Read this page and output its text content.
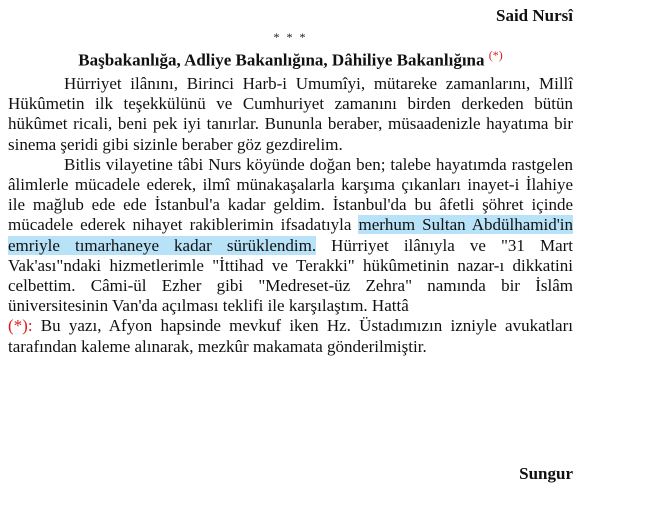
Said Nursî
* * *
Başbakanlığa, Adliye Bakanlığına, Dâhiliye Bakanlığına (*)

Hürriyet ilânını, Birinci Harb-i Umumîyi, mütareke zamanlarını, Millî Hükûmetin ilk teşekkülünü ve Cumhuriyet zamanını birden derkeden bütün hükûmet ricali, beni pek iyi tanırlar. Bununla beraber, müsaadenizle hayatıma bir sinema şeridi gibi sizinle beraber göz gezdirelim.

Bitlis vilayetine tâbi Nurs köyünde doğan ben; talebe hayatımda rastgelen âlimlerle mücadele ederek, ilmî münakaşalarla karşıma çıkanları inayet-i İlahiye ile mağlub ede ede İstanbul'a kadar geldim. İstanbul'da bu âfetli şöhret içinde mücadele ederek nihayet rakiblerimin ifsadatıyla merhum Sultan Abdülhamid'in emriyle tımarhaneye kadar sürüklendim. Hürriyet ilânıyla ve "31 Mart Vak'ası"ndaki hizmetlerimle "İttihad ve Terakki" hükûmetinin nazar-ı dikkatini celbettim. Câmi-ül Ezher gibi "Medreset-üz Zehra" namında bir İslâm üniversitesinin Van'da açılması teklifi ile karşılaştım. Hattâ

(*): Bu yazı, Afyon hapsinde mevkuf iken Hz. Üstadımızın izniyle avukatları tarafından kaleme alınarak, mezkûr makamata gönderilmiştir.

Sungur
